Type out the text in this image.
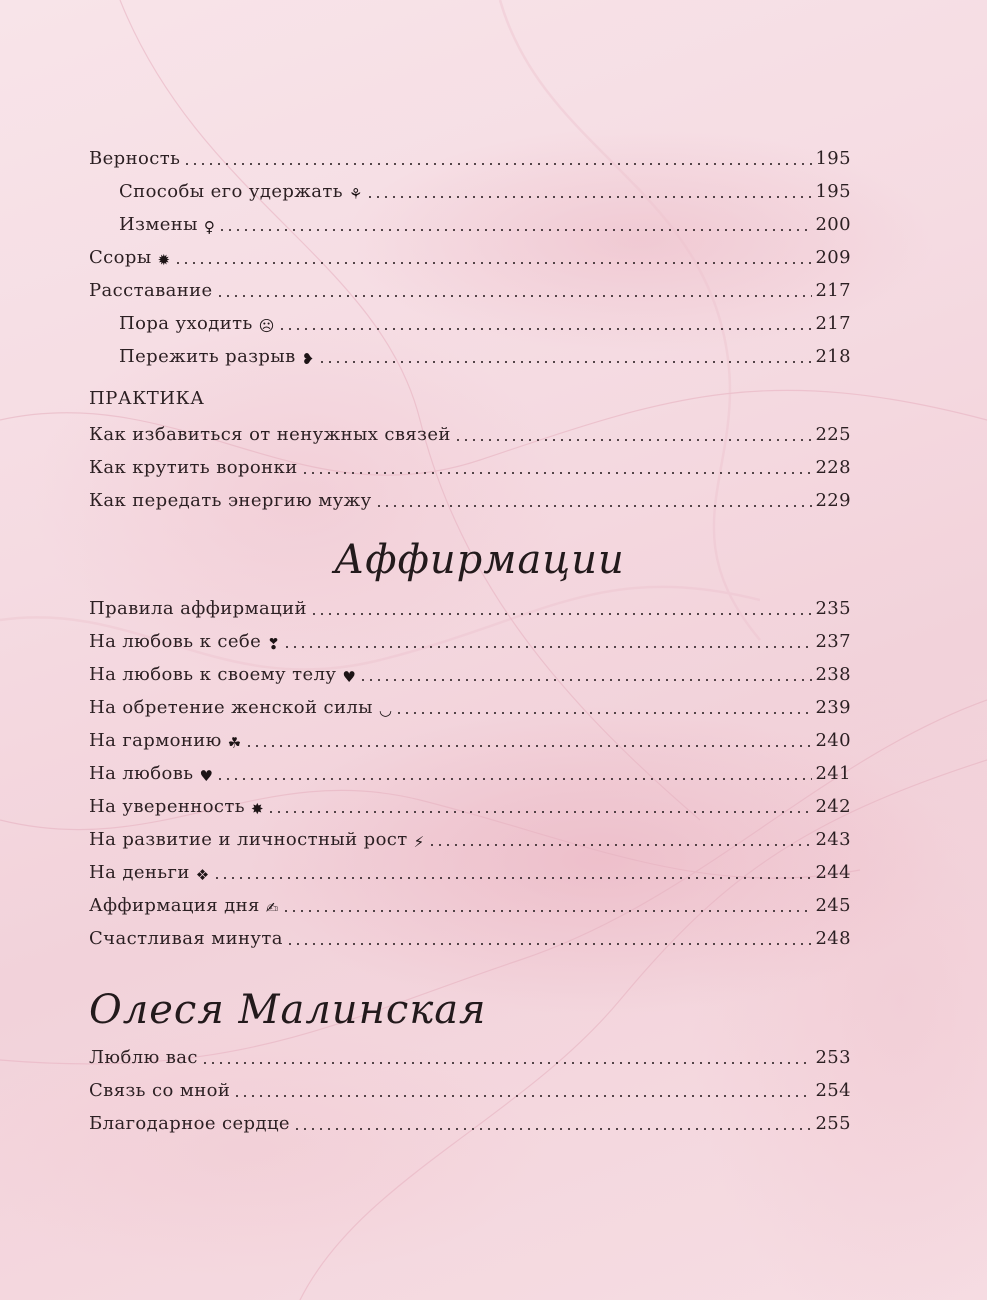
Верность	195
Способы его удержать ⚘	195
Измены ♀	200
Ссоры ✹	209
Расставание	217
Пора уходить ☹	217
Пережить разрыв ❥	218
ПРАКТИКА
Как избавиться от ненужных связей	225
Как крутить воронки	228
Как передать энергию мужу	229
Аффирмации
Правила аффирмаций	235
На любовь к себе ❣	237
На любовь к своему телу ♥	238
На обретение женской силы ◡	239
На гармонию ☘	240
На любовь ♥	241
На уверенность ✸	242
На развитие и личностный рост ⚡	243
На деньги ❖	244
Аффирмация дня ✍	245
Счастливая минута	248
Олеся Малинская
Люблю вас	253
Связь со мной	254
Благодарное сердце	255
